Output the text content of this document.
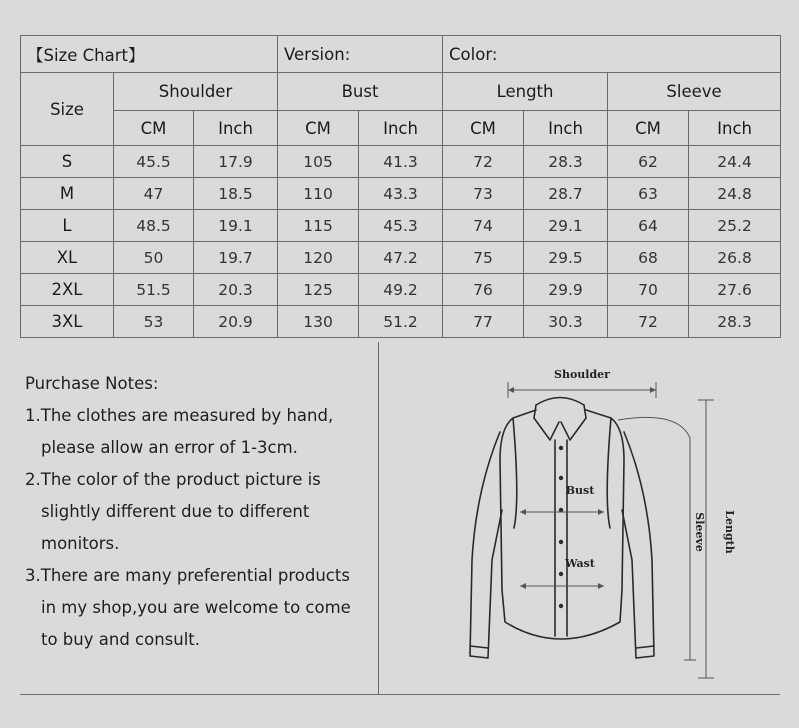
【Size Chart】			Version:		Color:			
Size	Shoulder		Bust		Length		Sleeve	
	CM	Inch	CM	Inch	CM	Inch	CM	Inch
S	45.5	17.9	105	41.3	72	28.3	62	24.4
M	47	18.5	110	43.3	73	28.7	63	24.8
L	48.5	19.1	115	45.3	74	29.1	64	25.2
XL	50	19.7	120	47.2	75	29.5	68	26.8
2XL	51.5	20.3	125	49.2	76	29.9	70	27.6
3XL	53	20.9	130	51.2	77	30.3	72	28.3
Purchase Notes:
1.The clothes are measured by hand,
please allow an error of 1-3cm.
2.The color of the product picture is
slightly different due to different
monitors.
3.There are many preferential products
in my shop,you are welcome to come
to buy and consult.
Shoulder
Bust
Wast
Sleeve Length
